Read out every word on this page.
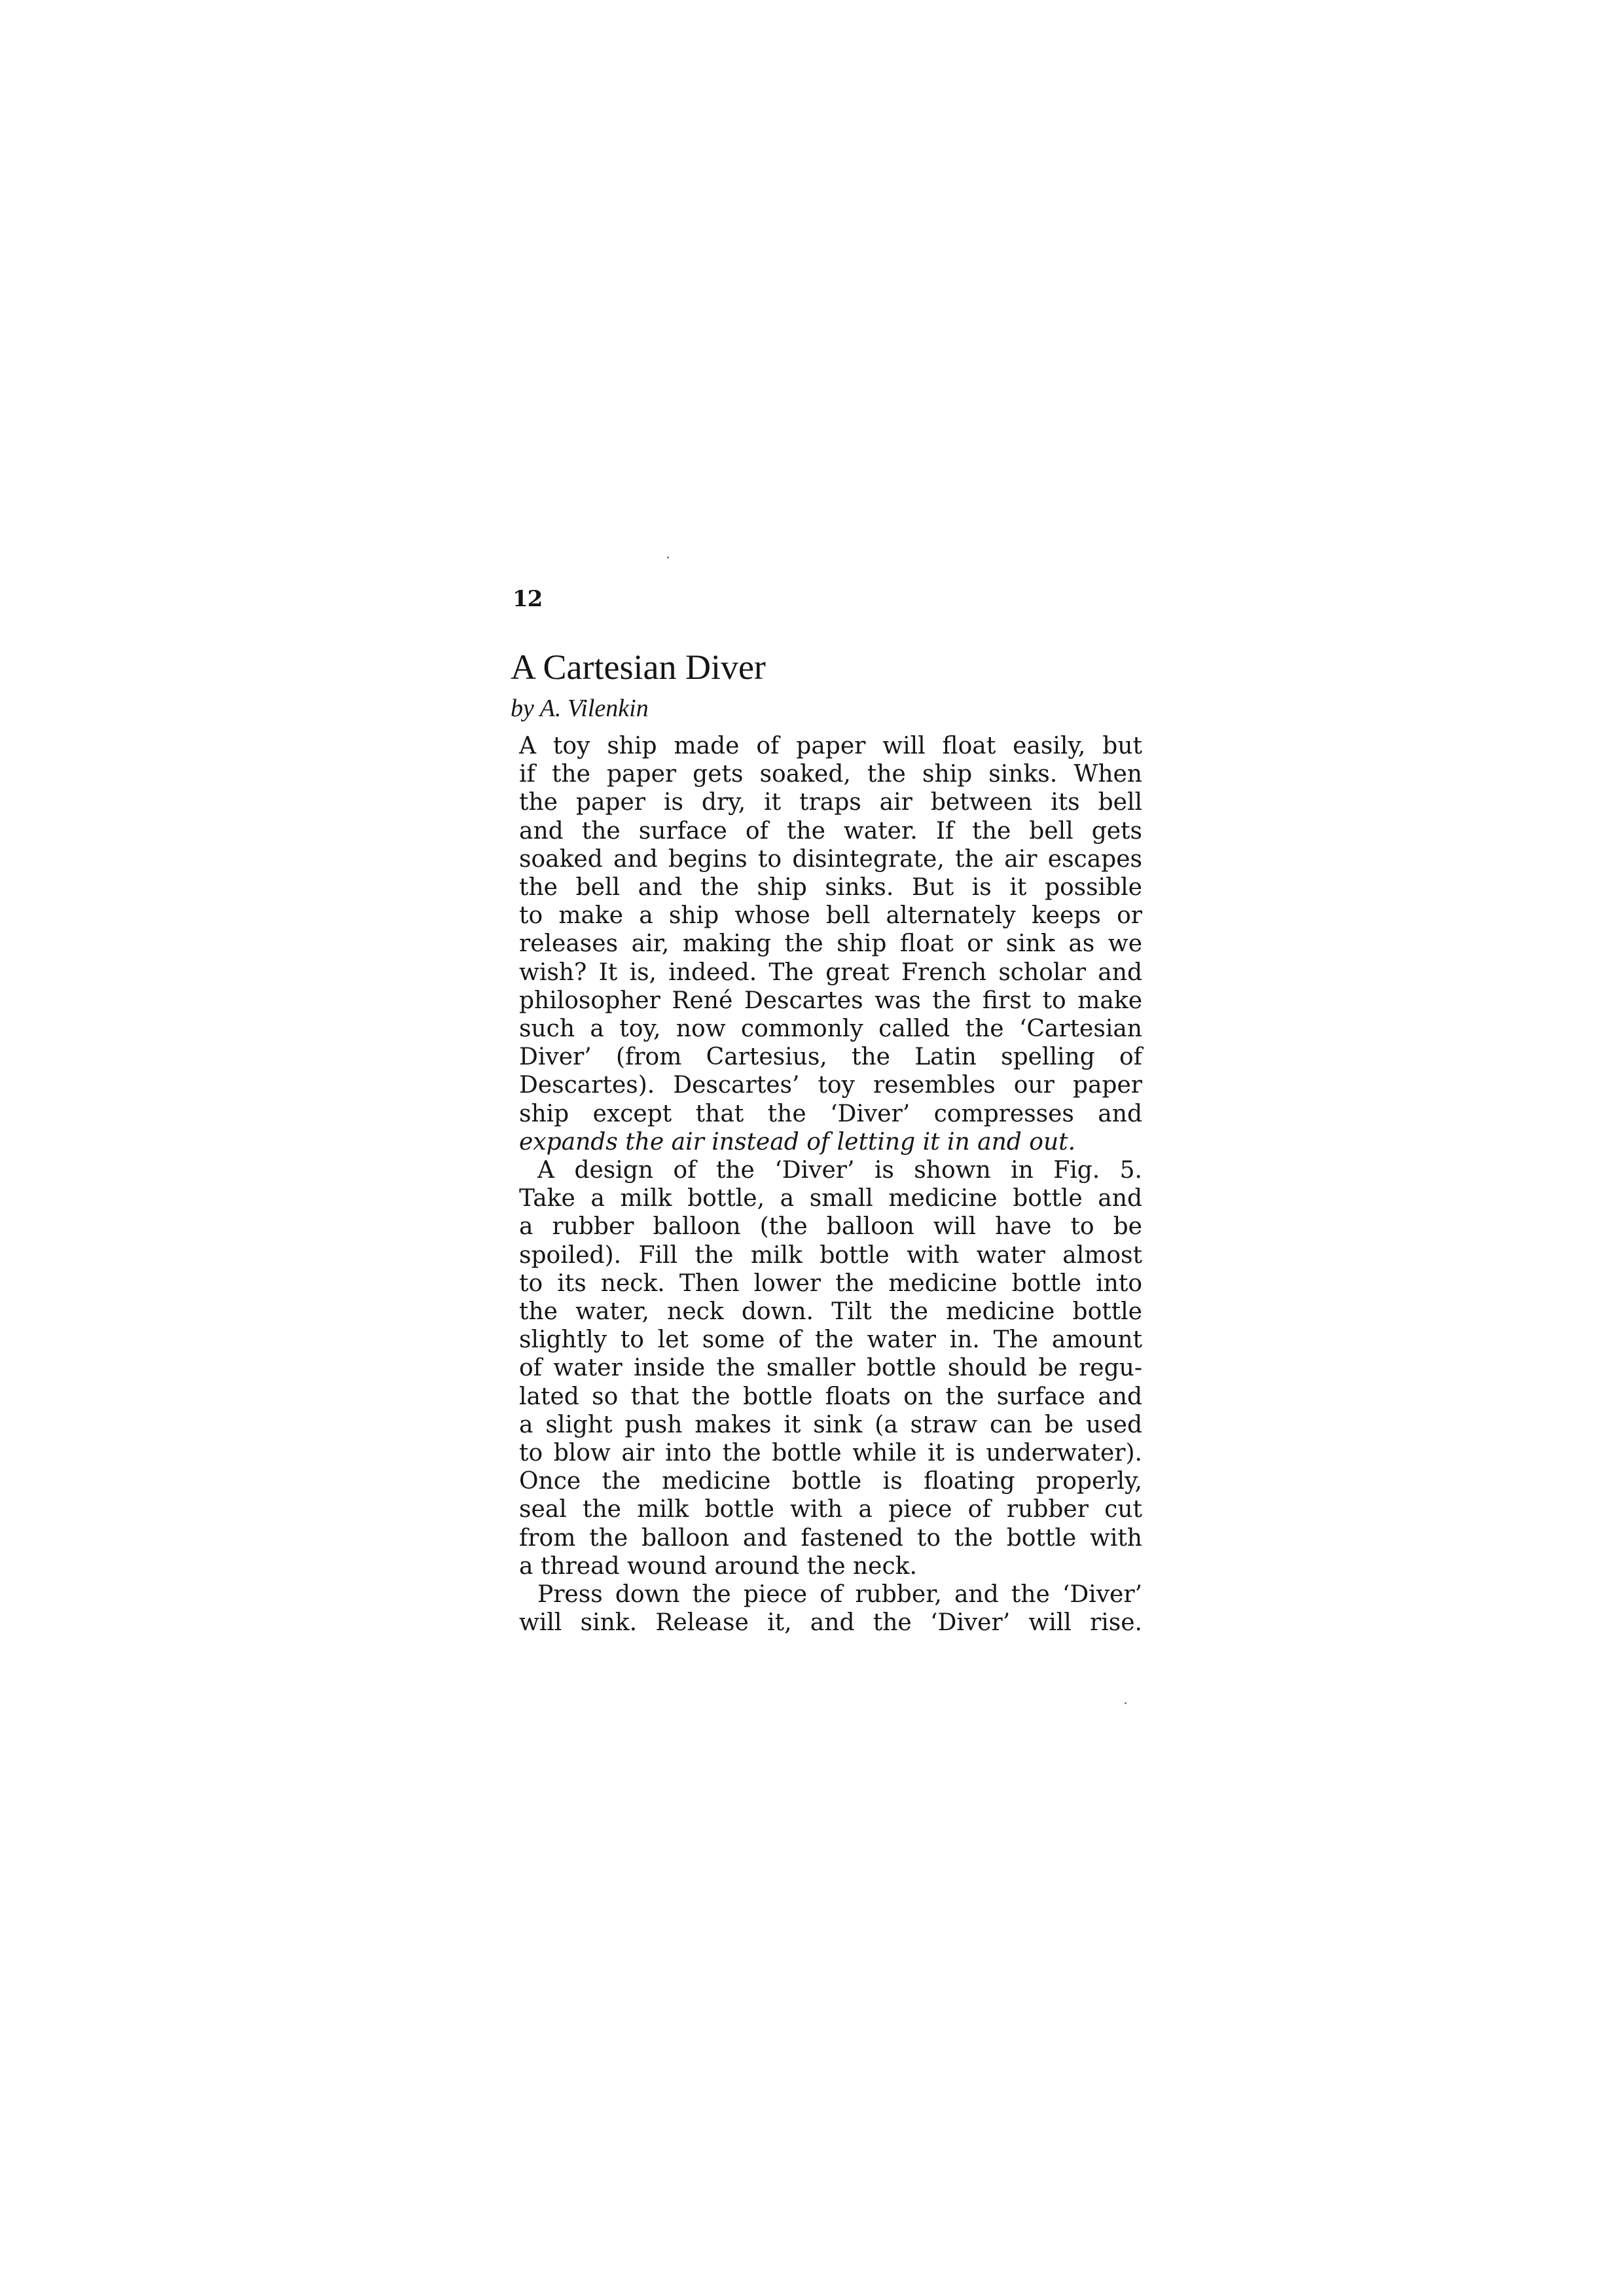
12
A Cartesian Diver
by A. Vilenkin

A toy ship made of paper will float easily, but
if the paper gets soaked, the ship sinks. When
the paper is dry, it traps air between its bell
and the surface of the water. If the bell gets
soaked and begins to disintegrate, the air escapes
the bell and the ship sinks. But is it possible
to make a ship whose bell alternately keeps or
releases air, making the ship float or sink as we
wish? It is, indeed. The great French scholar and
philosopher René Descartes was the first to make
such a toy, now commonly called the ‘Cartesian
Diver’ (from Cartesius, the Latin spelling of
Descartes). Descartes’ toy resembles our paper
ship except that the ‘Diver’ compresses and
expands the air instead of letting it in and out.

A design of the ‘Diver’ is shown in Fig. 5.
Take a milk bottle, a small medicine bottle and
a rubber balloon (the balloon will have to be
spoiled). Fill the milk bottle with water almost
to its neck. Then lower the medicine bottle into
the water, neck down. Tilt the medicine bottle
slightly to let some of the water in. The amount
of water inside the smaller bottle should be regu-
lated so that the bottle floats on the surface and
a slight push makes it sink (a straw can be used
to blow air into the bottle while it is underwater).
Once the medicine bottle is floating properly,
seal the milk bottle with a piece of rubber cut
from the balloon and fastened to the bottle with
a thread wound around the neck.

Press down the piece of rubber, and the ‘Diver’
will sink. Release it, and the ‘Diver’ will rise.
